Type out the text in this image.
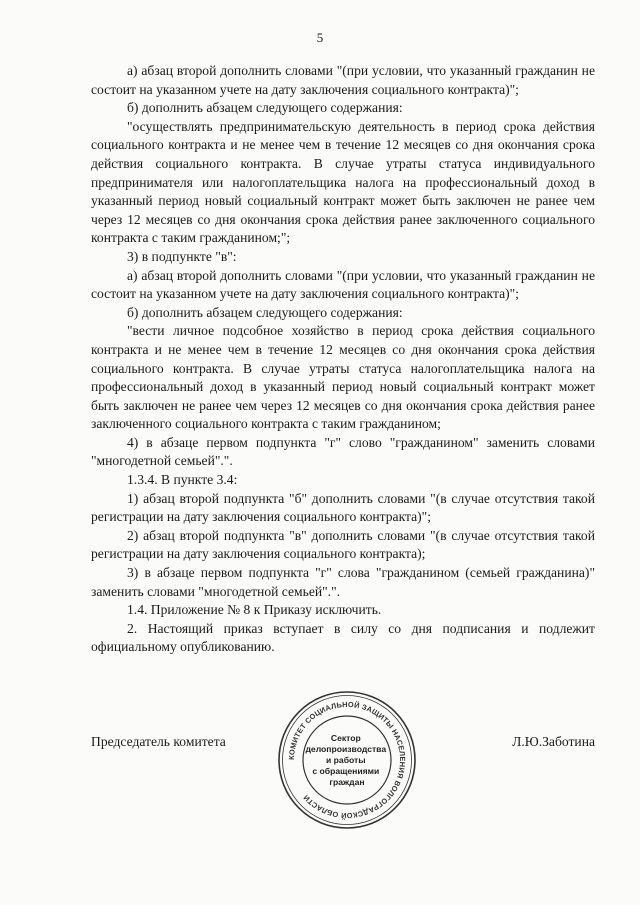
5

а) абзац второй дополнить словами "(при условии, что указанный гражданин не состоит на указанном учете на дату заключения социального контракта)";

б) дополнить абзацем следующего содержания:

"осуществлять предпринимательскую деятельность в период срока действия социального контракта и не менее чем в течение 12 месяцев со дня окончания срока действия социального контракта. В случае утраты статуса индивидуального предпринимателя или налогоплательщика налога на профессиональный доход в указанный период новый социальный контракт может быть заключен не ранее чем через 12 месяцев со дня окончания срока действия ранее заключенного социального контракта с таким гражданином;";

3) в подпункте "в":

а) абзац второй дополнить словами "(при условии, что указанный гражданин не состоит на указанном учете на дату заключения социального контракта)";

б) дополнить абзацем следующего содержания:

"вести личное подсобное хозяйство в период срока действия социального контракта и не менее чем в течение 12 месяцев со дня окончания срока действия социального контракта. В случае утраты статуса налогоплательщика налога на профессиональный доход в указанный период новый социальный контракт может быть заключен не ранее чем через 12 месяцев со дня окончания срока действия ранее заключенного социального контракта с таким гражданином;

4) в абзаце первом подпункта "г" слово "гражданином" заменить словами "многодетной семьей".".

1.3.4. В пункте 3.4:

1) абзац второй подпункта "б" дополнить словами "(в случае отсутствия такой регистрации на дату заключения социального контракта)";

2) абзац второй подпункта "в" дополнить словами "(в случае отсутствия такой регистрации на дату заключения социального контракта);

3) в абзаце первом подпункта "г" слова "гражданином (семьей гражданина)" заменить словами "многодетной семьей".".

1.4. Приложение № 8 к Приказу исключить.

2. Настоящий приказ вступает в силу со дня подписания и подлежит официальному опубликованию.

Председатель комитета	Л.Ю.Заботина
КОМИТЕТ СОЦИАЛЬНОЙ ЗАЩИТЫ НАСЕЛЕНИЯ ВОЛГОГРАДСКОЙ ОБЛАСТИ
Сектор делопроизводства и работы с обращениями граждан
